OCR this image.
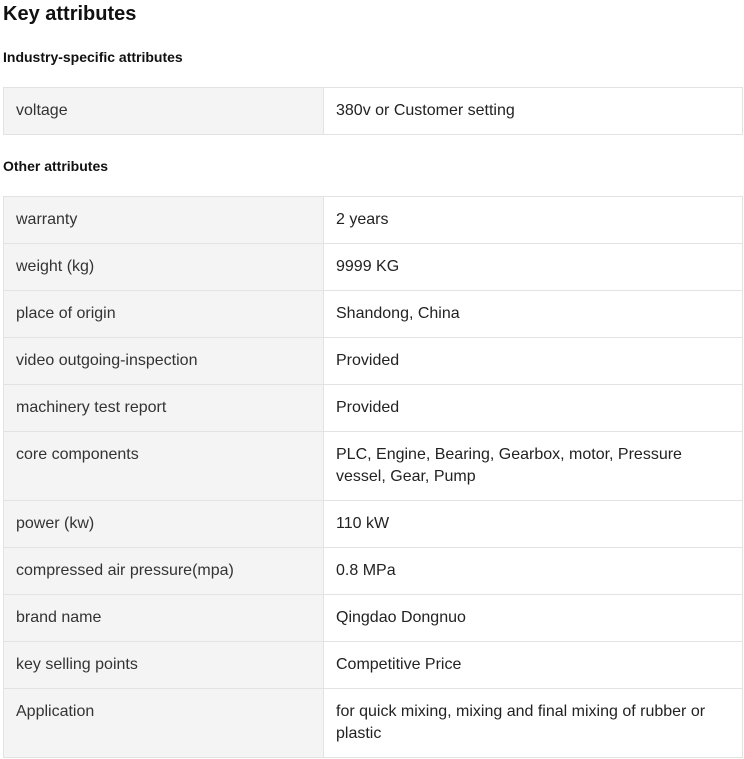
Key attributes
Industry-specific attributes
voltage	380v or Customer setting
Other attributes
warranty	2 years
weight (kg)	9999 KG
place of origin	Shandong, China
video outgoing-inspection	Provided
machinery test report	Provided
core components	PLC, Engine, Bearing, Gearbox, motor, Pressure vessel, Gear, Pump
power (kw)	110 kW
compressed air pressure(mpa)	0.8 MPa
brand name	Qingdao Dongnuo
key selling points	Competitive Price
Application	for quick mixing, mixing and final mixing of rubber or plastic
